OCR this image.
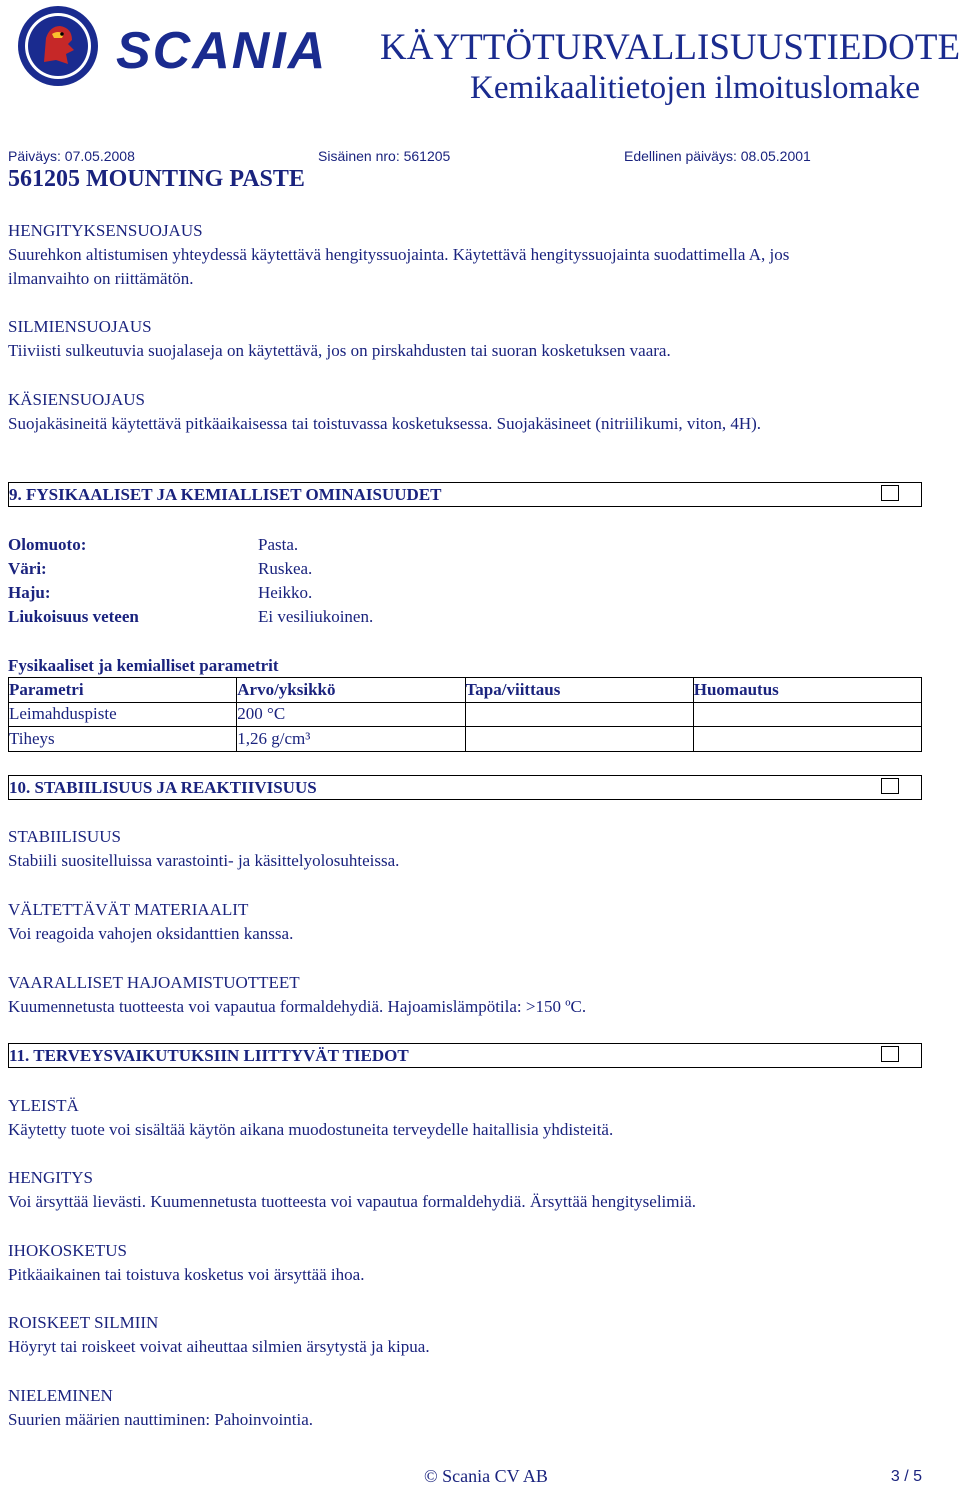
SCANIA KÄYTTÖTURVALLISUUSTIEDOTE
Kemikaalitietojen ilmoituslomake
Päiväys: 07.05.2008	Sisäinen nro: 561205	Edellinen päiväys: 08.05.2001
561205 MOUNTING PASTE
HENGITYKSENSUOJAUS
Suurehkon altistumisen yhteydessä käytettävä hengityssuojainta. Käytettävä hengityssuojainta suodattimella A, jos
ilmanvaihto on riittämätön.
SILMIENSUOJAUS
Tiiviisti sulkeutuvia suojalaseja on käytettävä, jos on pirskahdusten tai suoran kosketuksen vaara.
KÄSIENSUOJAUS
Suojakäsineitä käytettävä pitkäaikaisessa tai toistuvassa kosketuksessa. Suojakäsineet (nitriilikumi, viton, 4H).
9. FYSIKAALISET JA KEMIALLISET OMINAISUUDET
Olomuoto:	Pasta.
Väri:	Ruskea.
Haju:	Heikko.
Liukoisuus veteen	Ei vesiliukoinen.
Fysikaaliset ja kemialliset parametrit
Parametri	Arvo/yksikkö	Tapa/viittaus	Huomautus
Leimahduspiste	200 °C		
Tiheys	1,26 g/cm³		
10. STABIILISUUS JA REAKTIIVISUUS
STABIILISUUS
Stabiili suositelluissa varastointi- ja käsittelyolosuhteissa.
VÄLTETTÄVÄT MATERIAALIT
Voi reagoida vahojen oksidanttien kanssa.
VAARALLISET HAJOAMISTUOTTEET
Kuumennetusta tuotteesta voi vapautua formaldehydiä. Hajoamislämpötila: >150 ºC.
11. TERVEYSVAIKUTUKSIIN LIITTYVÄT TIEDOT
YLEISTÄ
Käytetty tuote voi sisältää käytön aikana muodostuneita terveydelle haitallisia yhdisteitä.
HENGITYS
Voi ärsyttää lievästi. Kuumennetusta tuotteesta voi vapautua formaldehydiä. Ärsyttää hengityselimiä.
IHOKOSKETUS
Pitkäaikainen tai toistuva kosketus voi ärsyttää ihoa.
ROISKEET SILMIIN
Höyryt tai roiskeet voivat aiheuttaa silmien ärsytystä ja kipua.
NIELEMINEN
Suurien määrien nauttiminen: Pahoinvointia.
© Scania CV AB	3 / 5
